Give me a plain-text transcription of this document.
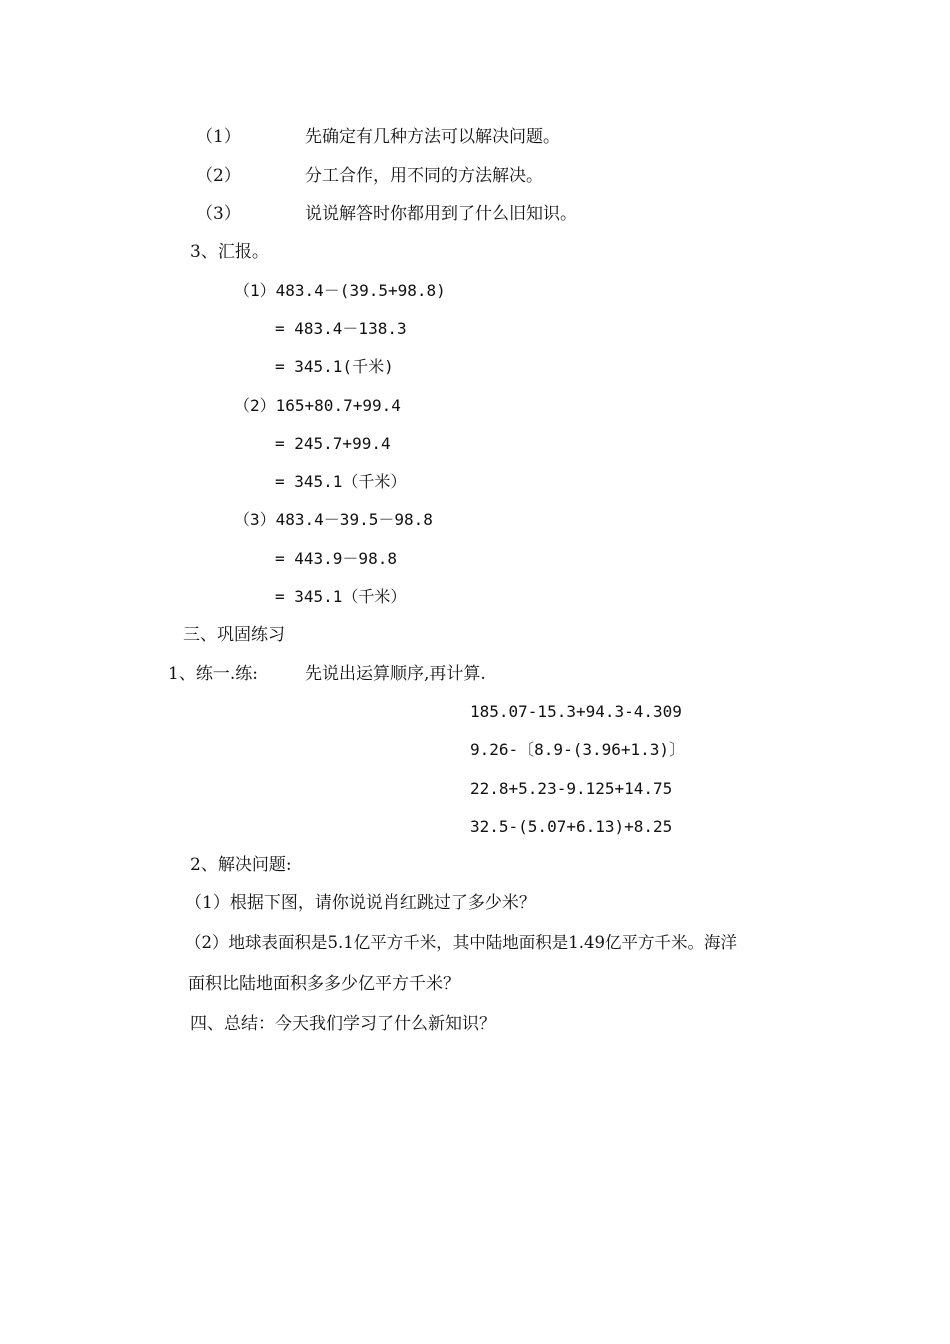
（1）	先确定有几种方法可以解决问题。
（2）	分工合作，用不同的方法解决。
（3）	说说解答时你都用到了什么旧知识。
3、汇报。
（1）483.4－(39.5+98.8)
= 483.4－138.3
= 345.1(千米)
（2）165+80.7+99.4
= 245.7+99.4
= 345.1（千米）
（3）483.4－39.5－98.8
= 443.9－98.8
= 345.1（千米）
三、巩固练习
1、练一.练:	先说出运算顺序,再计算.
185.07-15.3+94.3-4.309
9.26-〔8.9-(3.96+1.3)〕
22.8+5.23-9.125+14.75
32.5-(5.07+6.13)+8.25
2、解决问题:
（1）根据下图，请你说说肖红跳过了多少米？
（2）地球表面积是5.1亿平方千米，其中陆地面积是1.49亿平方千米。海洋
面积比陆地面积多多少亿平方千米？
四、总结：今天我们学习了什么新知识？
